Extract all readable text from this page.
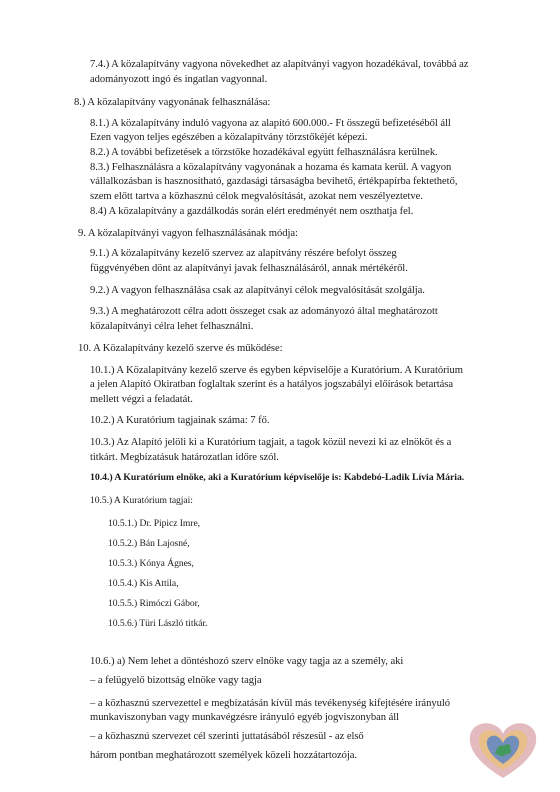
7.4.) A közalapítvány vagyona növekedhet az alapítványi vagyon hozadékával, továbbá az
adományozott ingó és ingatlan vagyonnal.
8.) A közalapítvány vagyonának felhasználása:
8.1.) A közalapítvány induló vagyona az alapító 600.000.- Ft összegű befizetéséből áll
Ezen vagyon teljes egészében a közalapítvány törzstőkéjét képezi.
8.2.) A további befizetések a törzstőke hozadékával együtt felhasználásra kerülnek.
8.3.) Felhasználásra a közalapítvány vagyonának a hozama és kamata kerül. A vagyon
vállalkozásban is hasznosítható, gazdasági társaságba bevihető, értékpapírba fektethető,
szem előtt tartva a közhasznú célok megvalósítását, azokat nem veszélyeztetve.
8.4) A közalapítvány a gazdálkodás során elért eredményét nem oszthatja fel.
9. A közalapítványi vagyon felhasználásának módja:
9.1.) A közalapítvány kezelő szervez az alapítvány részére befolyt összeg
függvényében dönt az alapítványi javak felhasználásáról, annak mértékéről.
9.2.) A vagyon felhasználása csak az alapítványi célok megvalósítását szolgálja.
9.3.) A meghatározott célra adott összeget csak az adományozó által meghatározott
közalapítványi célra lehet felhasználni.
10. A Közalapítvány kezelő szerve és működése:
10.1.) A Közalapítvány kezelő szerve és egyben képviselője a Kuratórium. A Kuratórium
a jelen Alapító Okiratban foglaltak szerint és a hatályos jogszabályi előírások betartása
mellett végzi a feladatát.
10.2.) A Kuratórium tagjainak száma: 7 fő.
10.3.) Az Alapító jelöli ki a Kuratórium tagjait, a tagok közül nevezi ki az elnököt és a
titkárt. Megbízatásuk határozatlan időre szól.
10.4.) A Kuratórium elnöke, aki a Kuratórium képviselője is: Kabdebó-Ladik Lívia Mária.
10.5.) A Kuratórium tagjai:
10.5.1.) Dr. Pipicz Imre,
10.5.2.) Bán Lajosné,
10.5.3.) Kónya Ágnes,
10.5.4.) Kis Attila,
10.5.5.) Rimóczi Gábor,
10.5.6.) Türi László titkár.
10.6.) a) Nem lehet a döntéshozó szerv elnöke vagy tagja az a személy, aki
– a felügyelő bizottság elnöke vagy tagja
– a közhasznú szervezettel e megbízatásán kívül más tevékenység kifejtésére irányuló
munkaviszonyban vagy munkavégzésre irányuló egyéb jogviszonyban áll
– a közhasznú szervezet cél szerinti juttatásából részesül - az első
három pontban meghatározott személyek közeli hozzátartozója.
